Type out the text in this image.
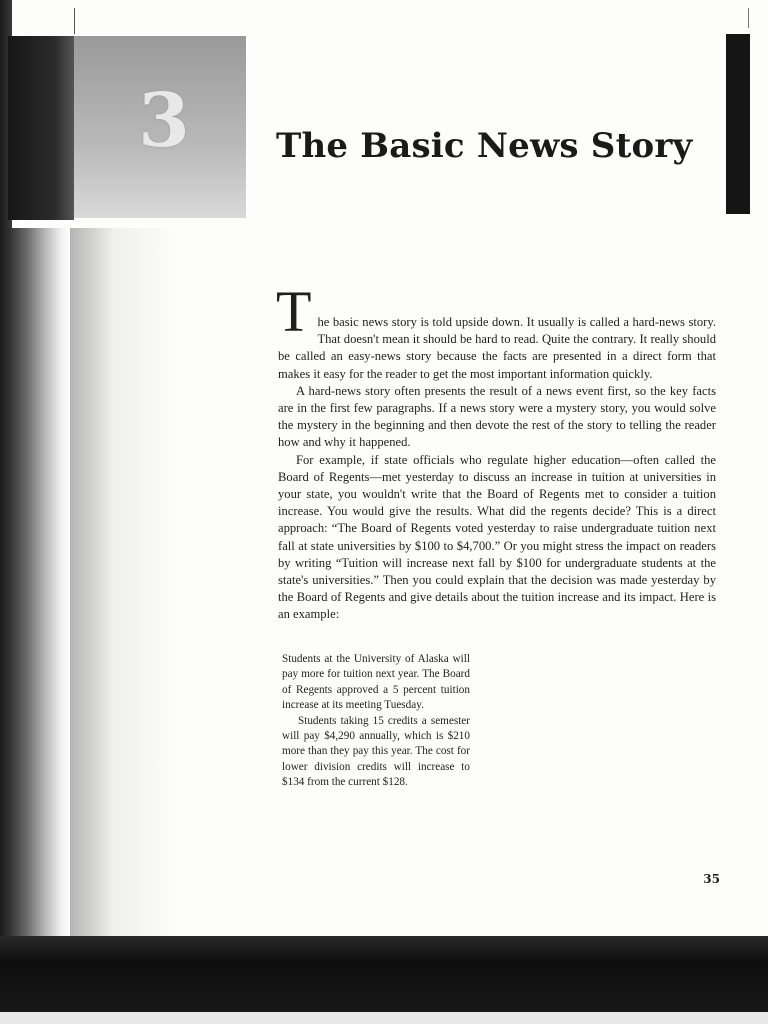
3	The Basic News Story

T he basic news story is told upside down. It usually is called a hard-news story. That doesn't mean it should be hard to read. Quite the contrary. It really should be called an easy-news story because the facts are presented in a direct form that makes it easy for the reader to get the most important information quickly.

A hard-news story often presents the result of a news event first, so the key facts are in the first few paragraphs. If a news story were a mystery story, you would solve the mystery in the beginning and then devote the rest of the story to telling the reader how and why it happened.

For example, if state officials who regulate higher education—often called the Board of Regents—met yesterday to discuss an increase in tuition at universities in your state, you wouldn't write that the Board of Regents met to consider a tuition increase. You would give the results. What did the regents decide? This is a direct approach: “The Board of Regents voted yesterday to raise undergraduate tuition next fall at state universities by $100 to $4,700.” Or you might stress the impact on readers by writing “Tuition will increase next fall by $100 for undergraduate students at the state's universities.” Then you could explain that the decision was made yesterday by the Board of Regents and give details about the tuition increase and its impact. Here is an example:

Students at the University of Alaska will pay more for tuition next year. The Board of Regents approved a 5 percent tuition increase at its meeting Tuesday.

Students taking 15 credits a semester will pay $4,290 annually, which is $210 more than they pay this year. The cost for lower division credits will increase to $134 from the current $128.

35
